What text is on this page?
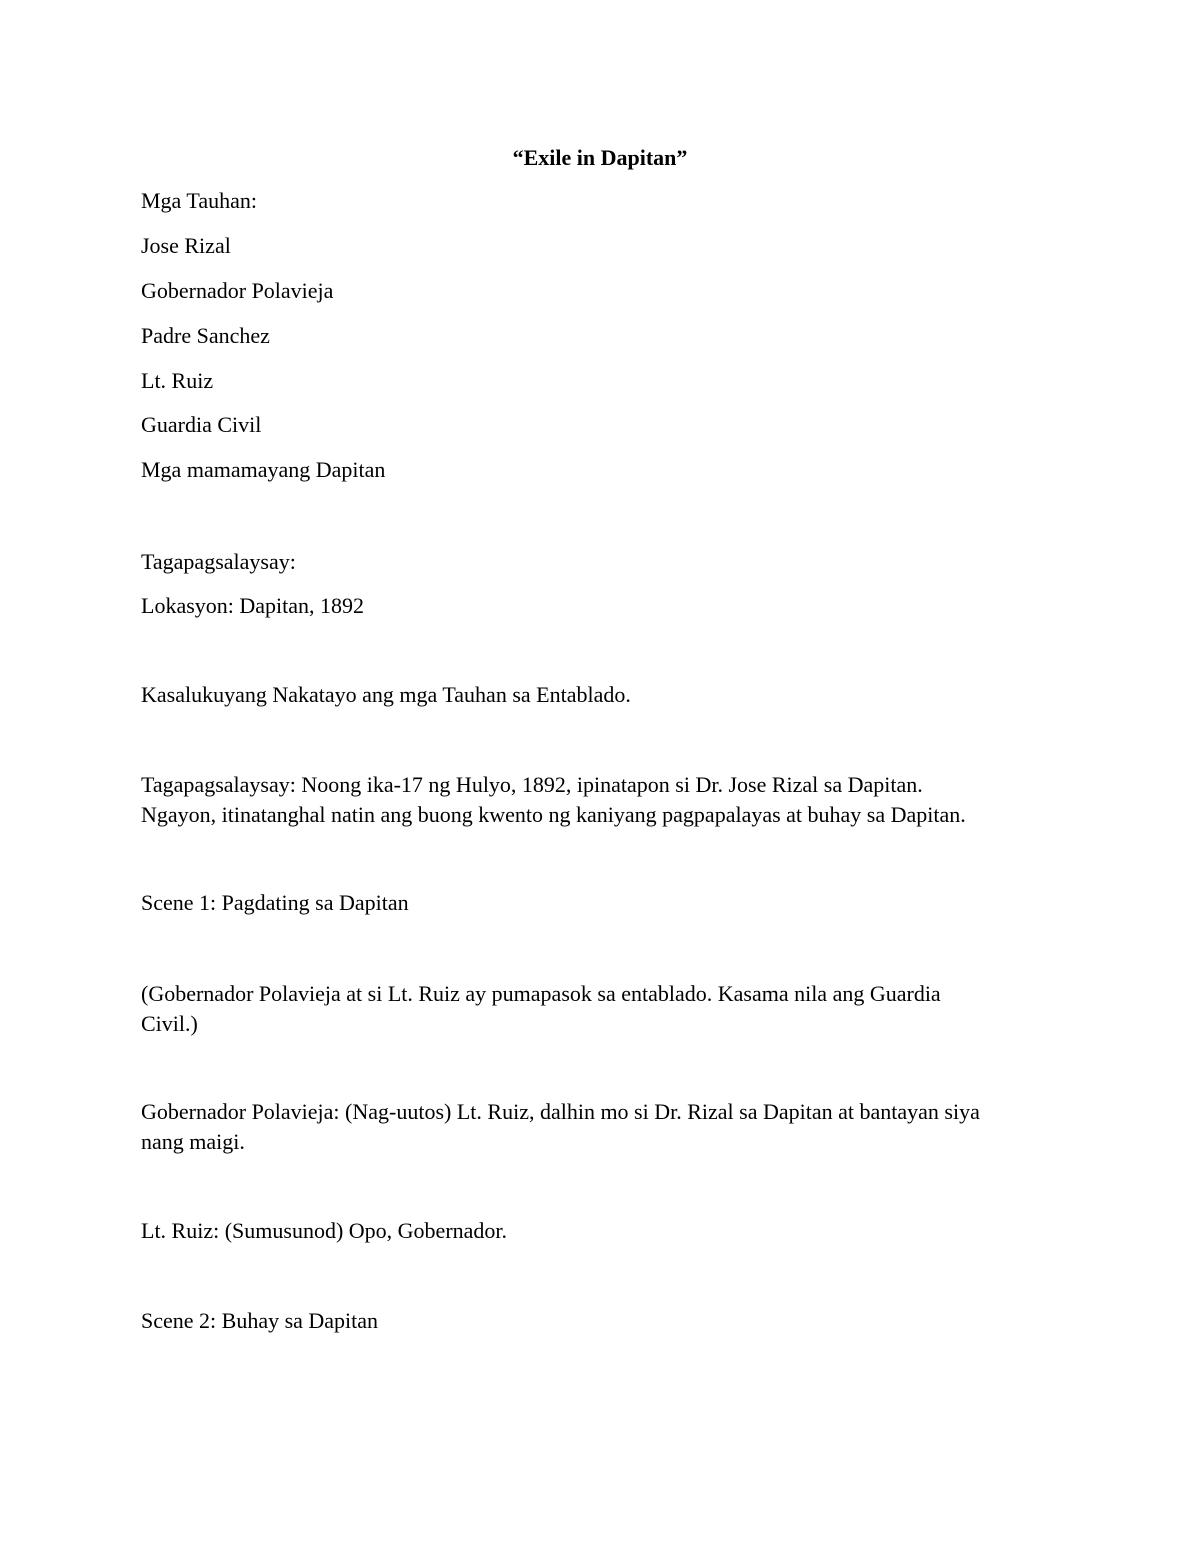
“Exile in Dapitan”

Mga Tauhan:

Jose Rizal

Gobernador Polavieja

Padre Sanchez

Lt. Ruiz

Guardia Civil

Mga mamamayang Dapitan

Tagapagsalaysay:

Lokasyon: Dapitan, 1892

Kasalukuyang Nakatayo ang mga Tauhan sa Entablado.

Tagapagsalaysay: Noong ika-17 ng Hulyo, 1892, ipinatapon si Dr. Jose Rizal sa Dapitan.
Ngayon, itinatanghal natin ang buong kwento ng kaniyang pagpapalayas at buhay sa Dapitan.

Scene 1: Pagdating sa Dapitan

(Gobernador Polavieja at si Lt. Ruiz ay pumapasok sa entablado. Kasama nila ang Guardia
Civil.)
Gobernador Polavieja: (Nag-uutos) Lt. Ruiz, dalhin mo si Dr. Rizal sa Dapitan at bantayan siya
nang maigi.

Lt. Ruiz: (Sumusunod) Opo, Gobernador.

Scene 2: Buhay sa Dapitan
